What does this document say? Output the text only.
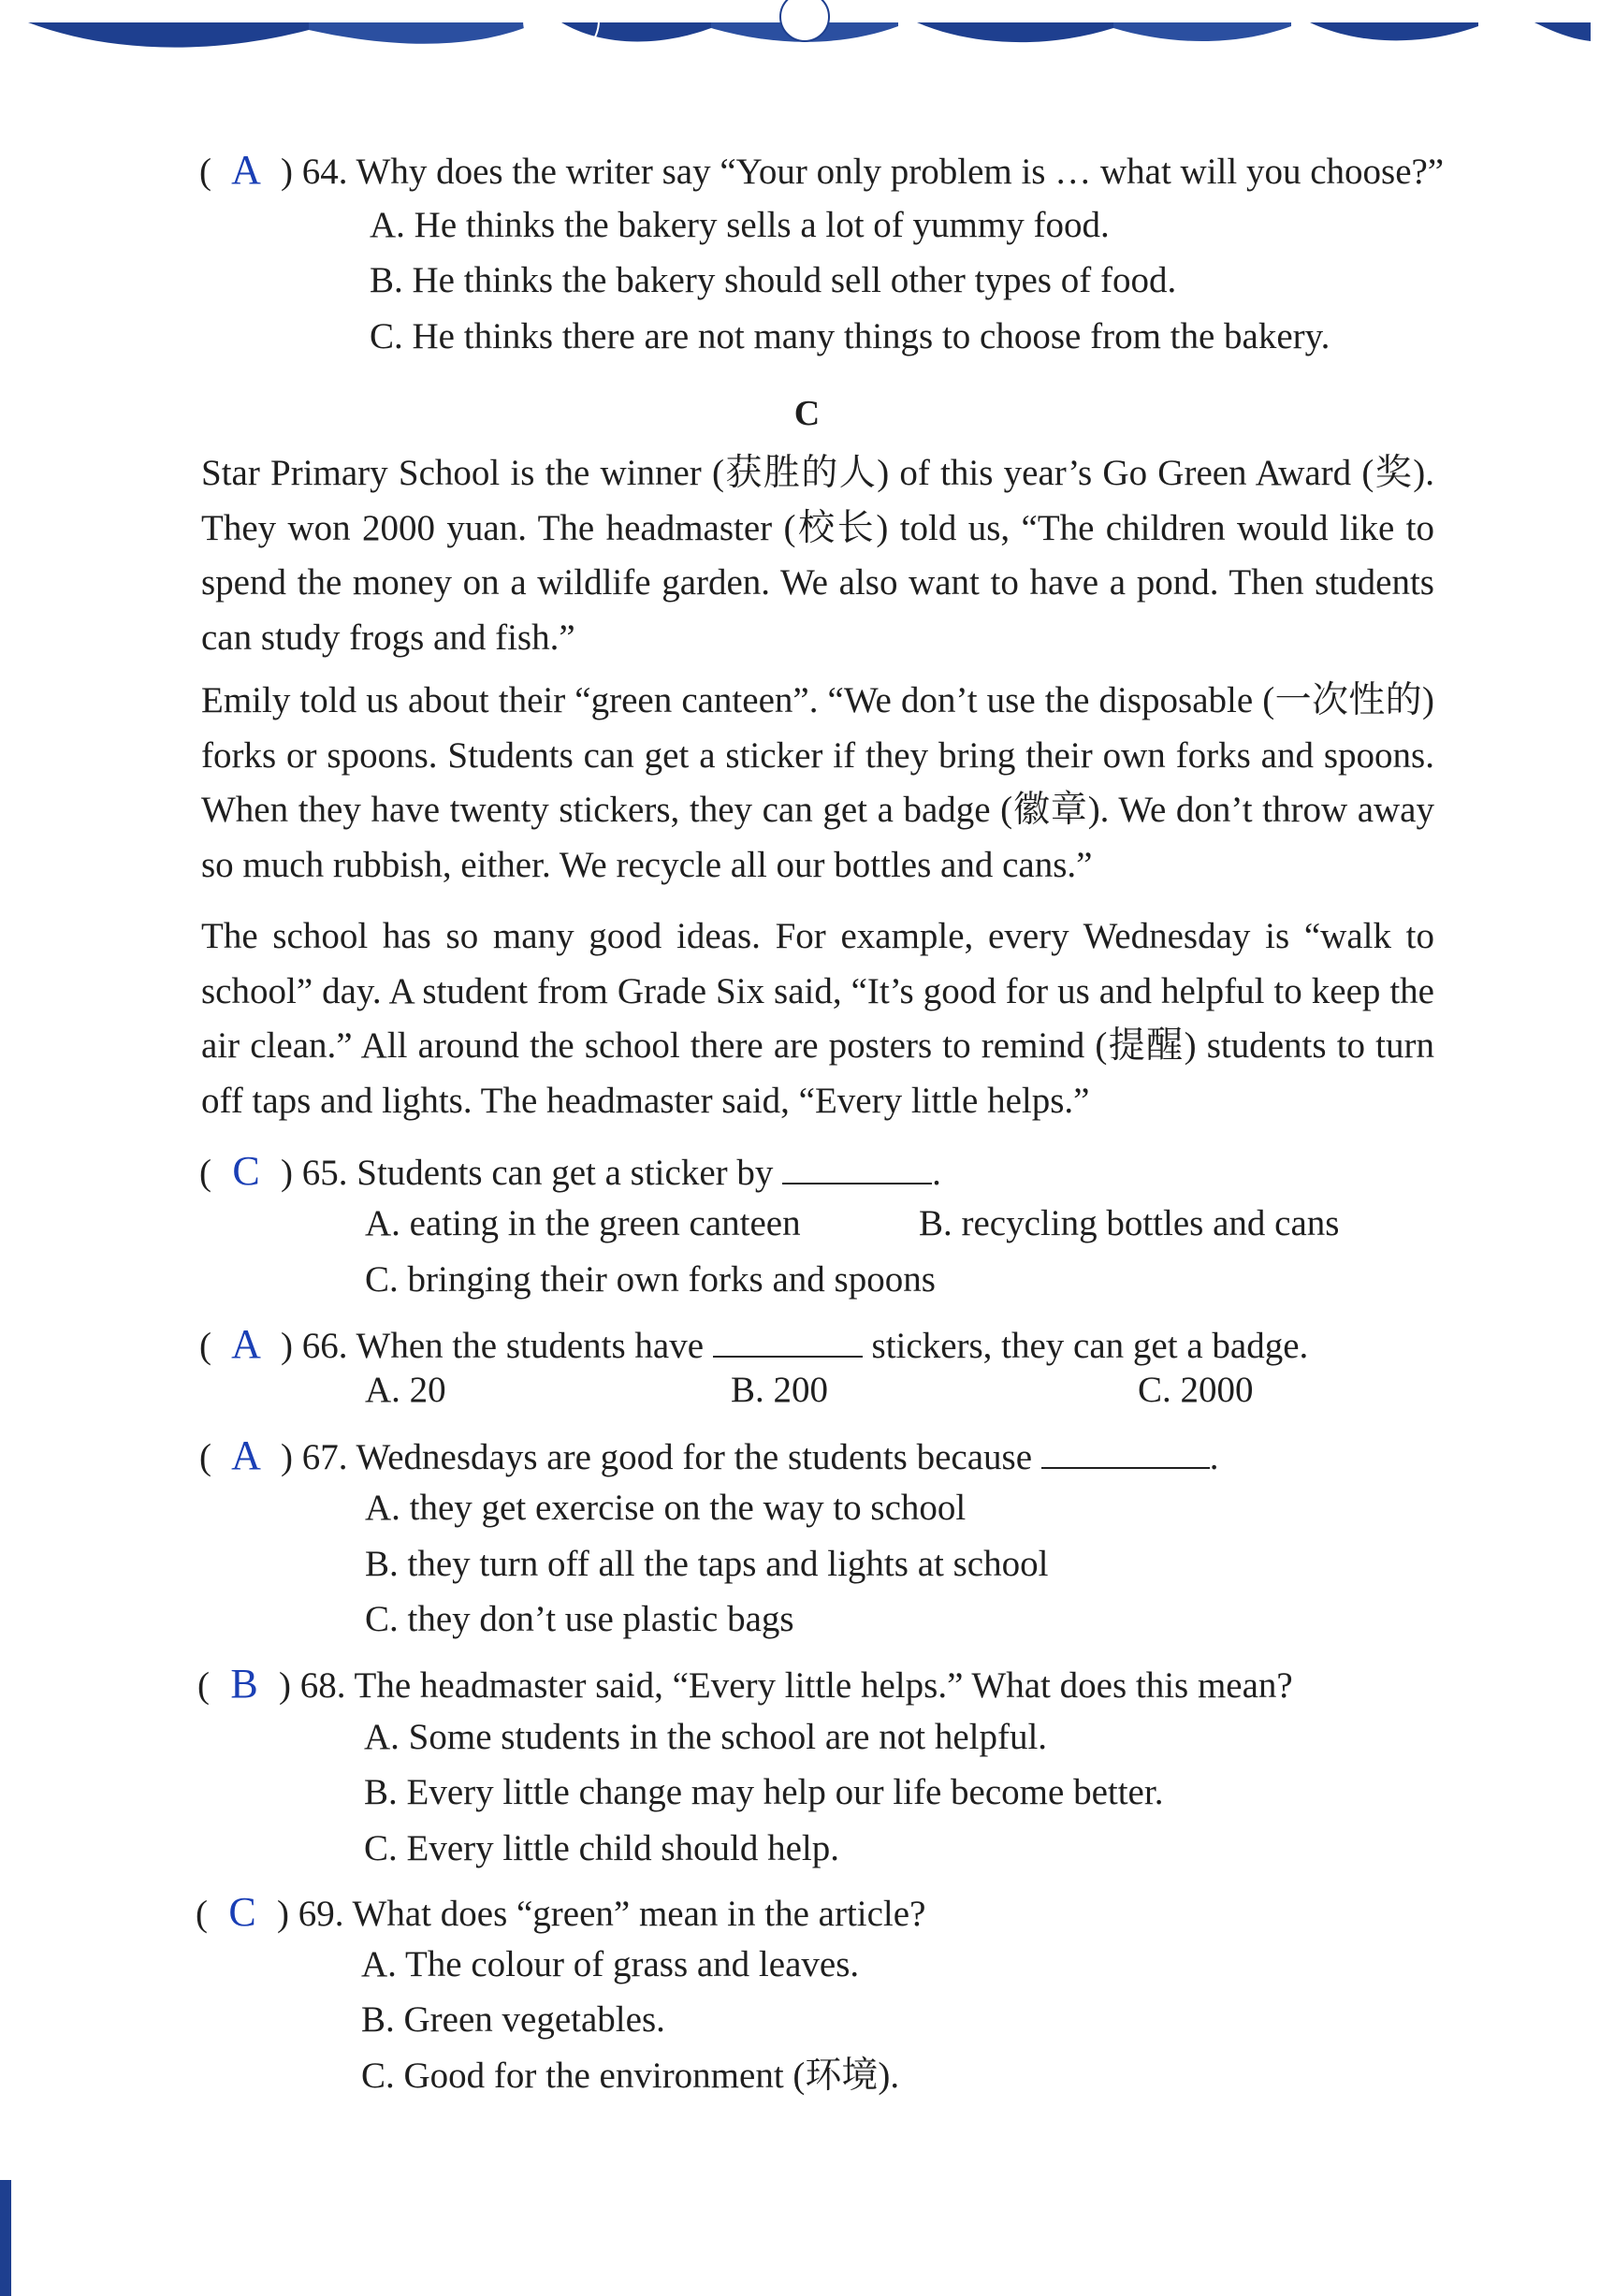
( A ) 64. Why does the writer say “Your only problem is … what will you choose?”
A. He thinks the bakery sells a lot of yummy food.
B. He thinks the bakery should sell other types of food.
C. He thinks there are not many things to choose from the bakery.
C
Star Primary School is the winner (获胜的人) of this year’s Go Green Award (奖). They won 2000 yuan. The headmaster (校长) told us, “The children would like to spend the money on a wildlife garden. We also want to have a pond. Then students can study frogs and fish.”
Emily told us about their “green canteen”. “We don’t use the disposable (一次性的) forks or spoons. Students can get a sticker if they bring their own forks and spoons. When they have twenty stickers, they can get a badge (徽章). We don’t throw away so much rubbish, either. We recycle all our bottles and cans.”
The school has so many good ideas. For example, every Wednesday is “walk to school” day. A student from Grade Six said, “It’s good for us and helpful to keep the air clean.” All around the school there are posters to remind (提醒) students to turn off taps and lights. The headmaster said, “Every little helps.”
( C ) 65. Students can get a sticker by	.
A. eating in the green canteen	B. recycling bottles and cans
C. bringing their own forks and spoons
( A ) 66. When the students have	stickers, they can get a badge.
A. 20	B. 200	C. 2000
( A ) 67. Wednesdays are good for the students because	.
A. they get exercise on the way to school
B. they turn off all the taps and lights at school
C. they don’t use plastic bags
( B ) 68. The headmaster said, “Every little helps.” What does this mean?
A. Some students in the school are not helpful.
B. Every little change may help our life become better.
C. Every little child should help.
( C ) 69. What does “green” mean in the article?
A. The colour of grass and leaves.
B. Green vegetables.
C. Good for the environment (环境).
